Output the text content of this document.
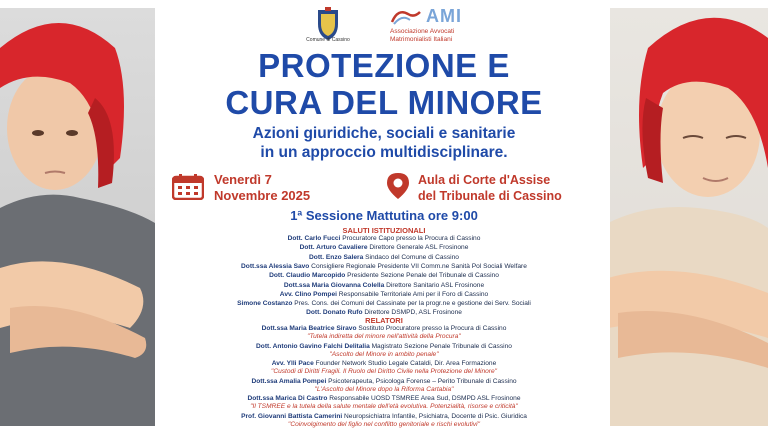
Comune di Cassino
AMI
Associazione Avvocati
Matrimonialisti Italiani
PROTEZIONE E
CURA DEL MINORE
Azioni giuridiche, sociali e sanitarie
in un approccio multidisciplinare.
Venerdì 7
Novembre 2025
Aula di Corte d'Assise
del Tribunale di Cassino
1ª Sessione Mattutina ore 9:00
SALUTI ISTITUZIONALI
RELATORI
Dott. Carlo Fucci Procuratore Capo presso la Procura di Cassino
Dott. Arturo Cavaliere Direttore Generale ASL Frosinone
Dott. Enzo Salera Sindaco del Comune di Cassino
Dott.ssa Alessia Savo Consigliere Regionale Presidente VII Comm.ne Sanità Pol Sociali Welfare
Dott. Claudio Marcopido Presidente Sezione Penale del Tribunale di Cassino
Dott.ssa Maria Giovanna Colella Direttore Sanitario ASL Frosinone
Avv. Clino Pompei Responsabile Territoriale Ami per il Foro di Cassino
Simone Costanzo Pres. Cons. dei Comuni del Cassinate per la progr.ne e gestione dei Serv. Sociali
Dott. Donato Rufo Direttore DSMPD, ASL Frosinone
Dott.ssa Maria Beatrice Siravo Sostituto Procuratore presso la Procura di Cassino
"Tutela indiretta del minore nell'attività della Procura"
Dott. Antonio Gavino Falchi Delitalia Magistrato Sezione Penale Tribunale di Cassino
"Ascolto del Minore in ambito penale"
Avv. Ylli Pace Founder Network Studio Legale Cataldi, Dir. Area Formazione
"Custodi di Diritti Fragili. Il Ruolo del Diritto Civile nella Protezione del Minore"
Dott.ssa Amalia Pompei Psicoterapeuta, Psicologa Forense – Perito Tribunale di Cassino
"L'Ascolto del Minore dopo la Riforma Cartabia"
Dott.ssa Marica Di Castro Responsabile UOSD TSMREE Area Sud, DSMPD ASL Frosinone
"Il TSMREE e la tutela della salute mentale dell'età evolutiva. Potenzialità, risorse e criticità"
Prof. Giovanni Battista Camerini Neuropsichiatra Infantile, Psichiatra, Docente di Psic. Giuridica
"Coinvolgimento del figlio nel conflitto genitoriale e rischi evolutivi"
